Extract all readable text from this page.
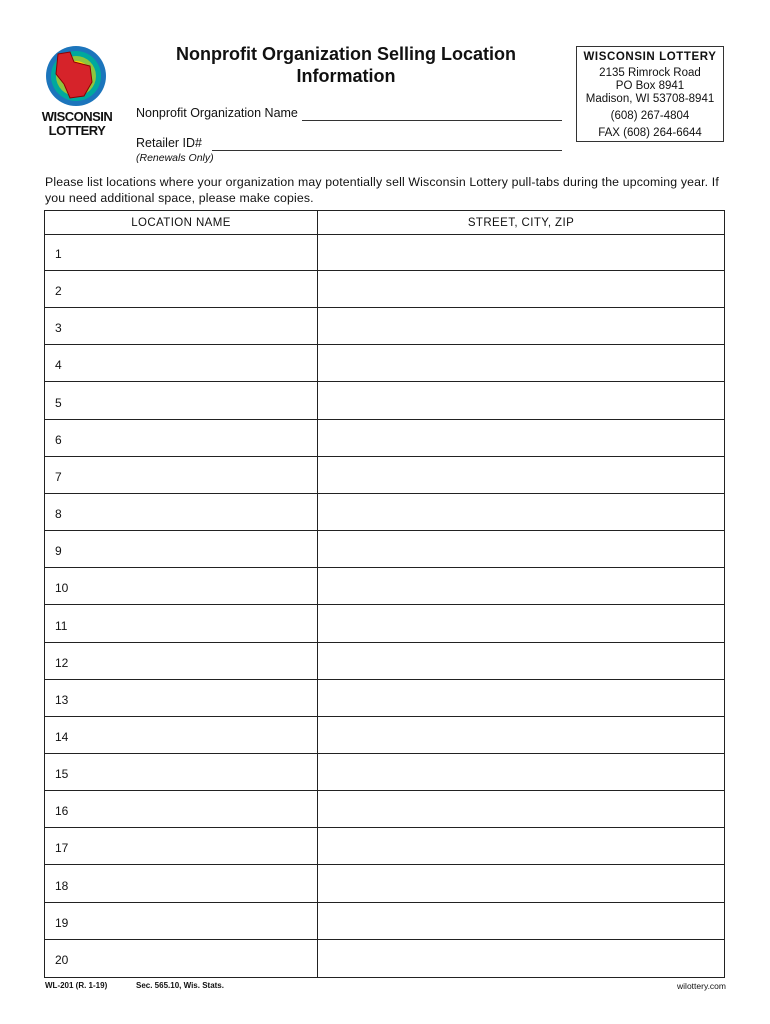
WISCONSIN
LOTTERY
Nonprofit Organization Selling Location
Information
WISCONSIN LOTTERY
2135 Rimrock Road
PO Box 8941
Madison, WI 53708-8941
(608) 267-4804
FAX (608) 264-6644
Nonprofit Organization Name
Retailer ID#
(Renewals Only)
Please list locations where your organization may potentially sell Wisconsin Lottery pull-tabs during the upcoming year. If you need additional space, please make copies.
LOCATION NAME	STREET, CITY, ZIP
1
2
3
4
5
6
7
8
9
10
11
12
13
14
15
16
17
18
19
20
WL-201 (R. 1-19)	Sec. 565.10, Wis. Stats.	wilottery.com
